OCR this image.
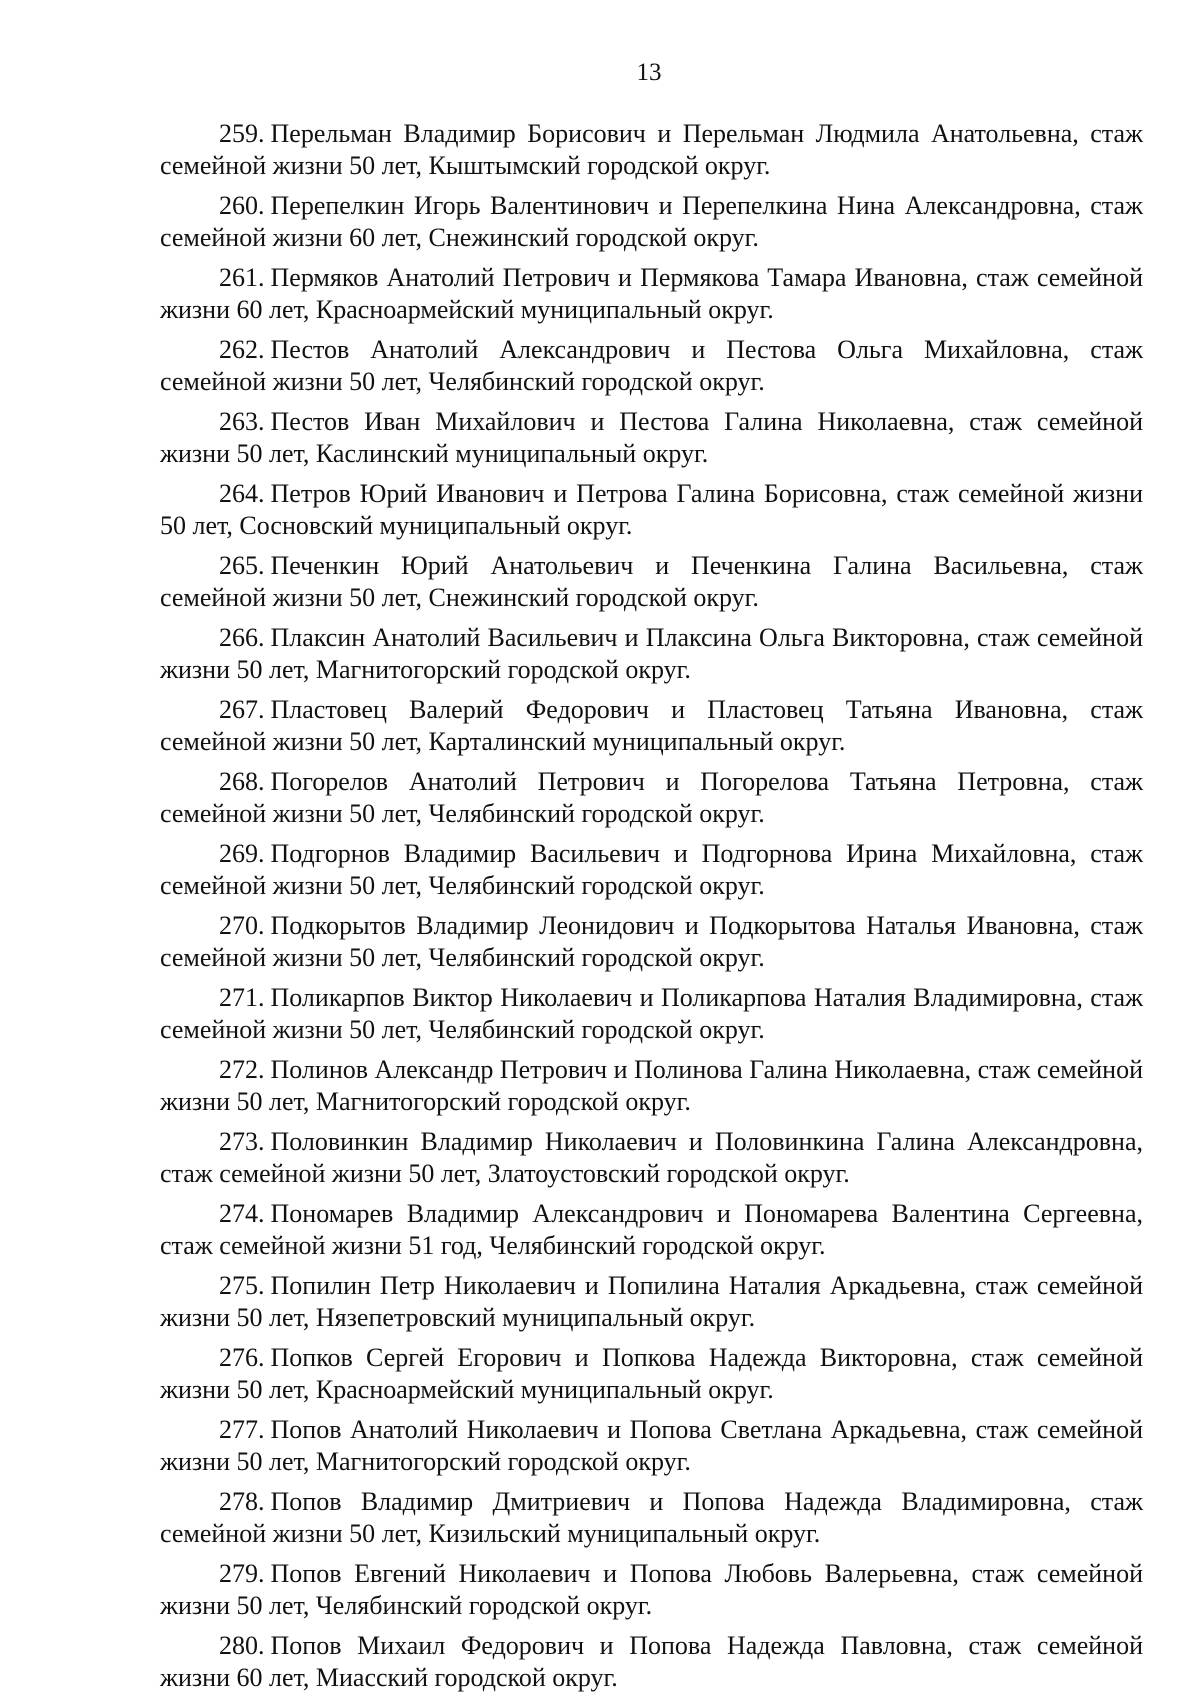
13

259. Перельман Владимир Борисович и Перельман Людмила Анатольевна, стаж семейной жизни 50 лет, Кыштымский городской округ.

260. Перепелкин Игорь Валентинович и Перепелкина Нина Александровна, стаж семейной жизни 60 лет, Снежинский городской округ.

261. Пермяков Анатолий Петрович и Пермякова Тамара Ивановна, стаж семейной жизни 60 лет, Красноармейский муниципальный округ.

262. Пестов Анатолий Александрович и Пестова Ольга Михайловна, стаж семейной жизни 50 лет, Челябинский городской округ.

263. Пестов Иван Михайлович и Пестова Галина Николаевна, стаж семейной жизни 50 лет, Каслинский муниципальный округ.

264. Петров Юрий Иванович и Петрова Галина Борисовна, стаж семейной жизни 50 лет, Сосновский муниципальный округ.

265. Печенкин Юрий Анатольевич и Печенкина Галина Васильевна, стаж семейной жизни 50 лет, Снежинский городской округ.

266. Плаксин Анатолий Васильевич и Плаксина Ольга Викторовна, стаж семейной жизни 50 лет, Магнитогорский городской округ.

267. Пластовец Валерий Федорович и Пластовец Татьяна Ивановна, стаж семейной жизни 50 лет, Карталинский муниципальный округ.

268. Погорелов Анатолий Петрович и Погорелова Татьяна Петровна, стаж семейной жизни 50 лет, Челябинский городской округ.

269. Подгорнов Владимир Васильевич и Подгорнова Ирина Михайловна, стаж семейной жизни 50 лет, Челябинский городской округ.

270. Подкорытов Владимир Леонидович и Подкорытова Наталья Ивановна, стаж семейной жизни 50 лет, Челябинский городской округ.

271. Поликарпов Виктор Николаевич и Поликарпова Наталия Владимировна, стаж семейной жизни 50 лет, Челябинский городской округ.

272. Полинов Александр Петрович и Полинова Галина Николаевна, стаж семейной жизни 50 лет, Магнитогорский городской округ.

273. Половинкин Владимир Николаевич и Половинкина Галина Александровна, стаж семейной жизни 50 лет, Златоустовский городской округ.

274. Пономарев Владимир Александрович и Пономарева Валентина Сергеевна, стаж семейной жизни 51 год, Челябинский городской округ.

275. Попилин Петр Николаевич и Попилина Наталия Аркадьевна, стаж семейной жизни 50 лет, Нязепетровский муниципальный округ.

276. Попков Сергей Егорович и Попкова Надежда Викторовна, стаж семейной жизни 50 лет, Красноармейский муниципальный округ.

277. Попов Анатолий Николаевич и Попова Светлана Аркадьевна, стаж семейной жизни 50 лет, Магнитогорский городской округ.

278. Попов Владимир Дмитриевич и Попова Надежда Владимировна, стаж семейной жизни 50 лет, Кизильский муниципальный округ.

279. Попов Евгений Николаевич и Попова Любовь Валерьевна, стаж семейной жизни 50 лет, Челябинский городской округ.

280. Попов Михаил Федорович и Попова Надежда Павловна, стаж семейной жизни 60 лет, Миасский городской округ.
